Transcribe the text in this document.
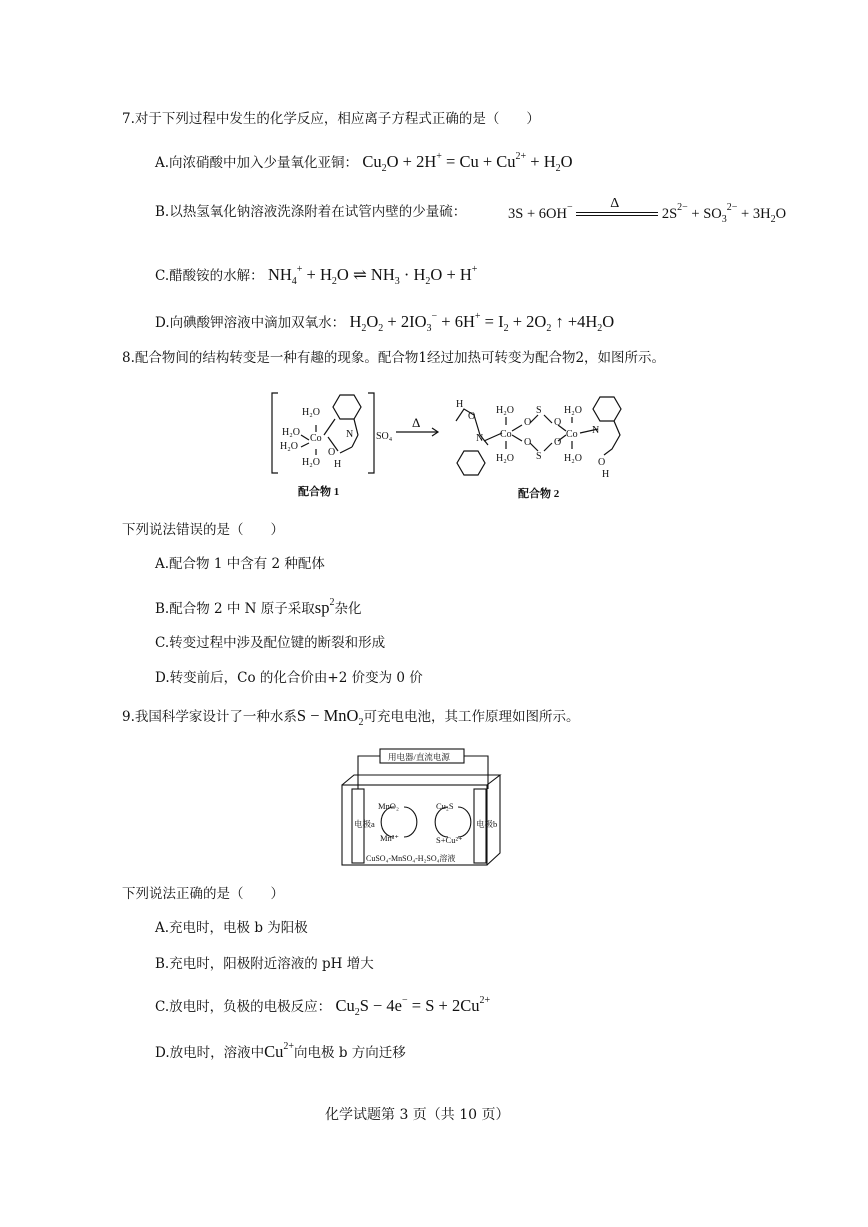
7.对于下列过程中发生的化学反应，相应离子方程式正确的是（　　）
A.向浓硝酸中加入少量氧化亚铜： $Cu_2O + 2H^+ = Cu + Cu^{2+} + H_2O$
B.以热氢氧化钠溶液洗涤附着在试管内壁的少量硫：	3S + 6OH−	Δ
$2S^{2-} + SO_3^{2-} + 3H_2O$
C.醋酸铵的水解： $NH_4^+ + H_2O$ ⇌ $NH_3 \cdot H_2O + H^+$
D.向碘酸钾溶液中滴加双氧水： $H_2O_2 + 2IO_3^- + 6H^+ = I_2 + 2O_2$ ↑ $+4H_2O$
8.配合物间的结构转变是一种有趣的现象。配合物1经过加热可转变为配合物2，如图所示。
H₂O
H₂O
H₂O
Co
H₂O
O
H
N SO₄
Δ
H
O
N
H₂O
Co
H₂O
O
O
S
S
O
O
Co
H₂O
H₂O
N
O
H
配合物 1	配合物 2
下列说法错误的是（　　）
A.配合物 1 中含有 2 种配体
B.配合物 2 中 N 原子采取$sp^2$杂化
C.转变过程中涉及配位键的断裂和形成
D.转变前后，Co 的化合价由+2 价变为 0 价
9.我国科学家设计了一种水系S − MnO$_2$可充电电池，其工作原理如图所示。
用电器/直流电源
MnO₂
Mn²⁺
Cu₂S
S+Cu²⁺
电极a	电极b
CuSO₄-MnSO₄-H₂SO₄溶液
下列说法正确的是（　　）
A.充电时，电极 b 为阳极
B.充电时，阳极附近溶液的 pH 增大
C.放电时，负极的电极反应： $Cu_2S - 4e^- = S + 2Cu^{2+}$
D.放电时，溶液中$Cu^{2+}$向电极 b 方向迁移
化学试题第 3 页（共 10 页）
